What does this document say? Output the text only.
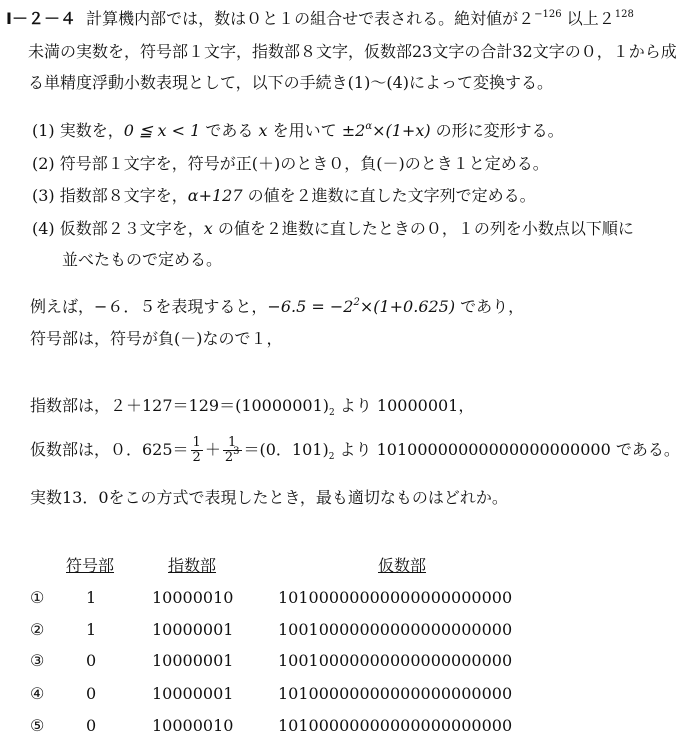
Ⅰ－２－４ 計算機内部では，数は０と１の組合せで表される。絶対値が$2^{-126}$ 以上$2^{128}$
未満の実数を，符号部１文字，指数部８文字，仮数部23文字の合計32文字の０，１から成
る単精度浮動小数表現として，以下の手続き(1)～(4)によって変換する。
(1) 実数を，0 ≦ x < 1 である x を用いて $\pm 2^\alpha\times(1+x)$ の形に変形する。
(2) 符号部１文字を，符号が正(＋)のとき０，負(－)のとき１と定める。
(3) 指数部８文字を，α+127 の値を２進数に直した文字列で定める。
(4) 仮数部２３文字を，x の値を２進数に直したときの０，１の列を小数点以下順に
並べたもので定める。
例えば，−６．５を表現すると，$-6.5 = -2^2\times(1+0.625)$ であり，
符号部は，符号が負(－)なので１，
指数部は，$2+127=129=(10000001)_2$ より 10000001，
仮数部は，０．$625= \frac{1}{2} + \frac{1}{2^3} =(0$．$101)_2$ より 10100000000000000000000 である。
実数13．0をこの方式で表現したとき，最も適切なものはどれか。
符号部	指数部	仮数部
①	1	10000010	10100000000000000000000
②	1	10000001	10010000000000000000000
③	0	10000001	10010000000000000000000
④	0	10000001	10100000000000000000000
⑤	0	10000010	10100000000000000000000
